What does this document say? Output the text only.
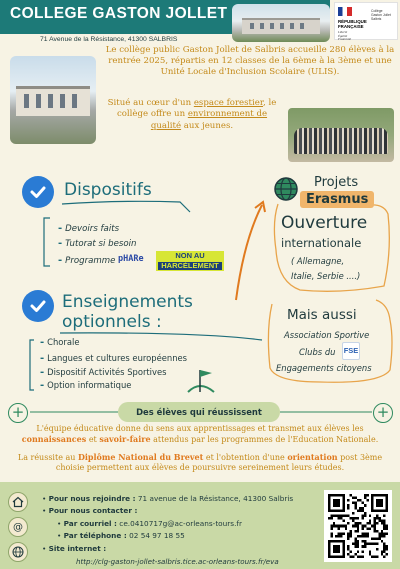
COLLEGE GASTON JOLLET
71 Avenue de la Résistance, 41300 SALBRIS
RÉPUBLIQUE
FRANÇAISE
Liberté
Égalité
Fraternité
Collège
Gaston Jollet
Salbris
Le collège public Gaston Jollet de Salbris accueille 280 élèves à la rentrée 2025, répartis en 12 classes de la 6ème à la 3ème et une Unité Locale d'Inclusion Scolaire (ULIS).
Situé au cœur d'un espace forestier, le collège offre un environnement de qualité aux jeunes.
Dispositifs
- Devoirs faits
- Tutorat si besoin
- Programme pHARe	NON AU
HARCÈLEMENT
Enseignements
optionnels :
- Chorale
- Langues et cultures européennes
- Dispositif Activités Sportives
- Option informatique
Projets
Erasmus
Ouverture
internationale
( Allemagne,
Italie, Serbie ....)
Mais aussi
Association Sportive
Clubs du FSE
Engagements citoyens
+	Des élèves qui réussissent	+
L'équipe éducative donne du sens aux apprentissages et transmet aux élèves les connaissances et savoir-faire attendus par les programmes de l'Education Nationale.
La réussite au Diplôme National du Brevet et l'obtention d'une orientation post 3ème choisie permettent aux élèves de poursuivre sereinement leurs études.
@
• Pour nous rejoindre : 71 avenue de la Résistance, 41300 Salbris
• Pour nous contacter :
• Par courriel : ce.0410717g@ac-orleans-tours.fr
• Par téléphone : 02 54 97 18 55
• Site internet :
http://clg-gaston-jollet-salbris.tice.ac-orleans-tours.fr/eva
